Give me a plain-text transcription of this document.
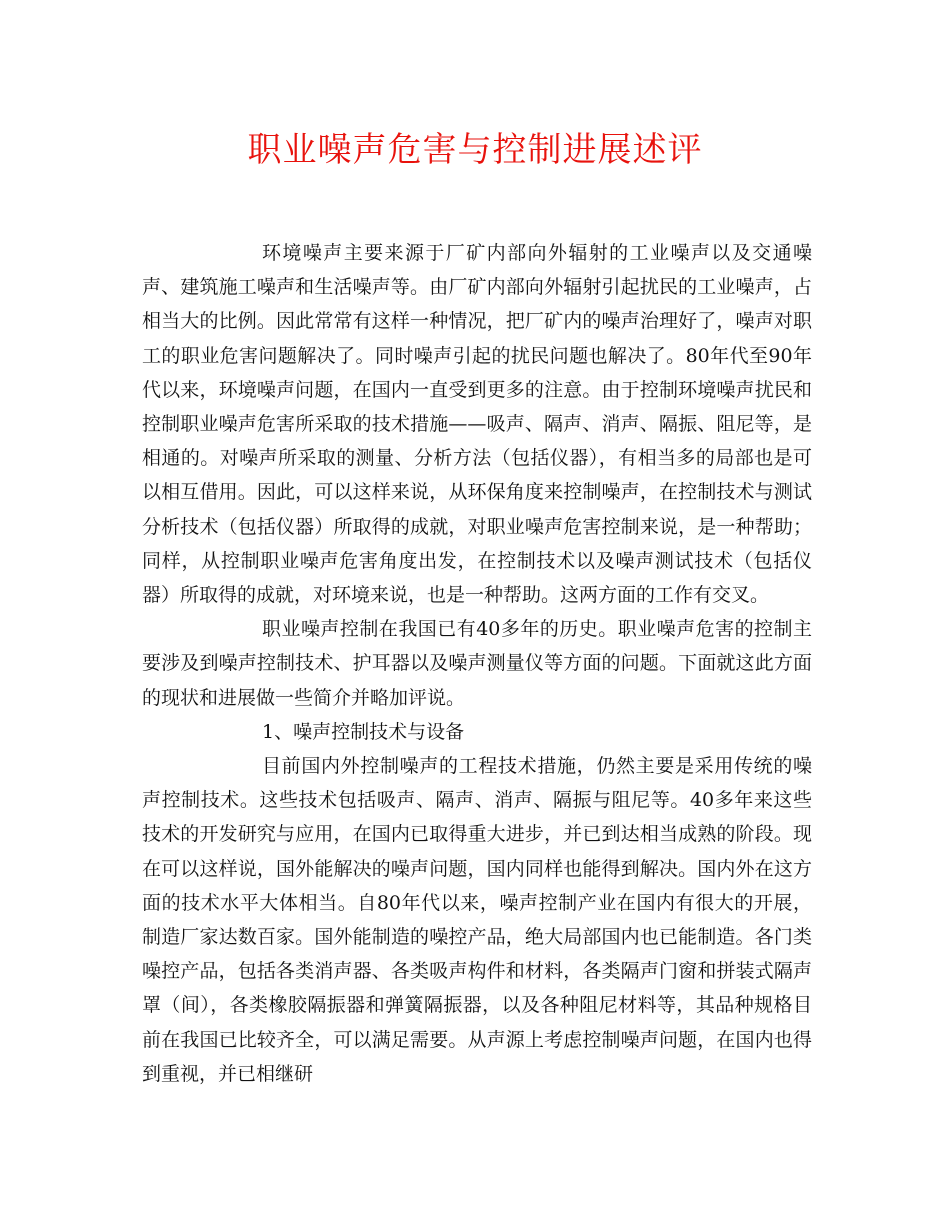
职业噪声危害与控制进展述评

环境噪声主要来源于厂矿内部向外辐射的工业噪声以及交通噪声、建筑施工噪声和生活噪声等。由厂矿内部向外辐射引起扰民的工业噪声，占相当大的比例。因此常常有这样一种情况，把厂矿内的噪声治理好了，噪声对职工的职业危害问题解决了。同时噪声引起的扰民问题也解决了。80年代至90年代以来，环境噪声问题，在国内一直受到更多的注意。由于控制环境噪声扰民和控制职业噪声危害所采取的技术措施——吸声、隔声、消声、隔振、阻尼等，是相通的。对噪声所采取的测量、分析方法（包括仪器），有相当多的局部也是可以相互借用。因此，可以这样来说，从环保角度来控制噪声，在控制技术与测试分析技术（包括仪器）所取得的成就，对职业噪声危害控制来说，是一种帮助；同样，从控制职业噪声危害角度出发，在控制技术以及噪声测试技术（包括仪器）所取得的成就，对环境来说，也是一种帮助。这两方面的工作有交叉。

职业噪声控制在我国已有40多年的历史。职业噪声危害的控制主要涉及到噪声控制技术、护耳器以及噪声测量仪等方面的问题。下面就这此方面的现状和进展做一些简介并略加评说。

1、噪声控制技术与设备

目前国内外控制噪声的工程技术措施，仍然主要是采用传统的噪声控制技术。这些技术包括吸声、隔声、消声、隔振与阻尼等。40多年来这些技术的开发研究与应用，在国内已取得重大进步，并已到达相当成熟的阶段。现在可以这样说，国外能解决的噪声问题，国内同样也能得到解决。国内外在这方面的技术水平大体相当。自80年代以来，噪声控制产业在国内有很大的开展，制造厂家达数百家。国外能制造的噪控产品，绝大局部国内也已能制造。各门类噪控产品，包括各类消声器、各类吸声构件和材料，各类隔声门窗和拼装式隔声罩（间），各类橡胶隔振器和弹簧隔振器，以及各种阻尼材料等，其品种规格目前在我国已比较齐全，可以满足需要。从声源上考虑控制噪声问题，在国内也得到重视，并已相继研
